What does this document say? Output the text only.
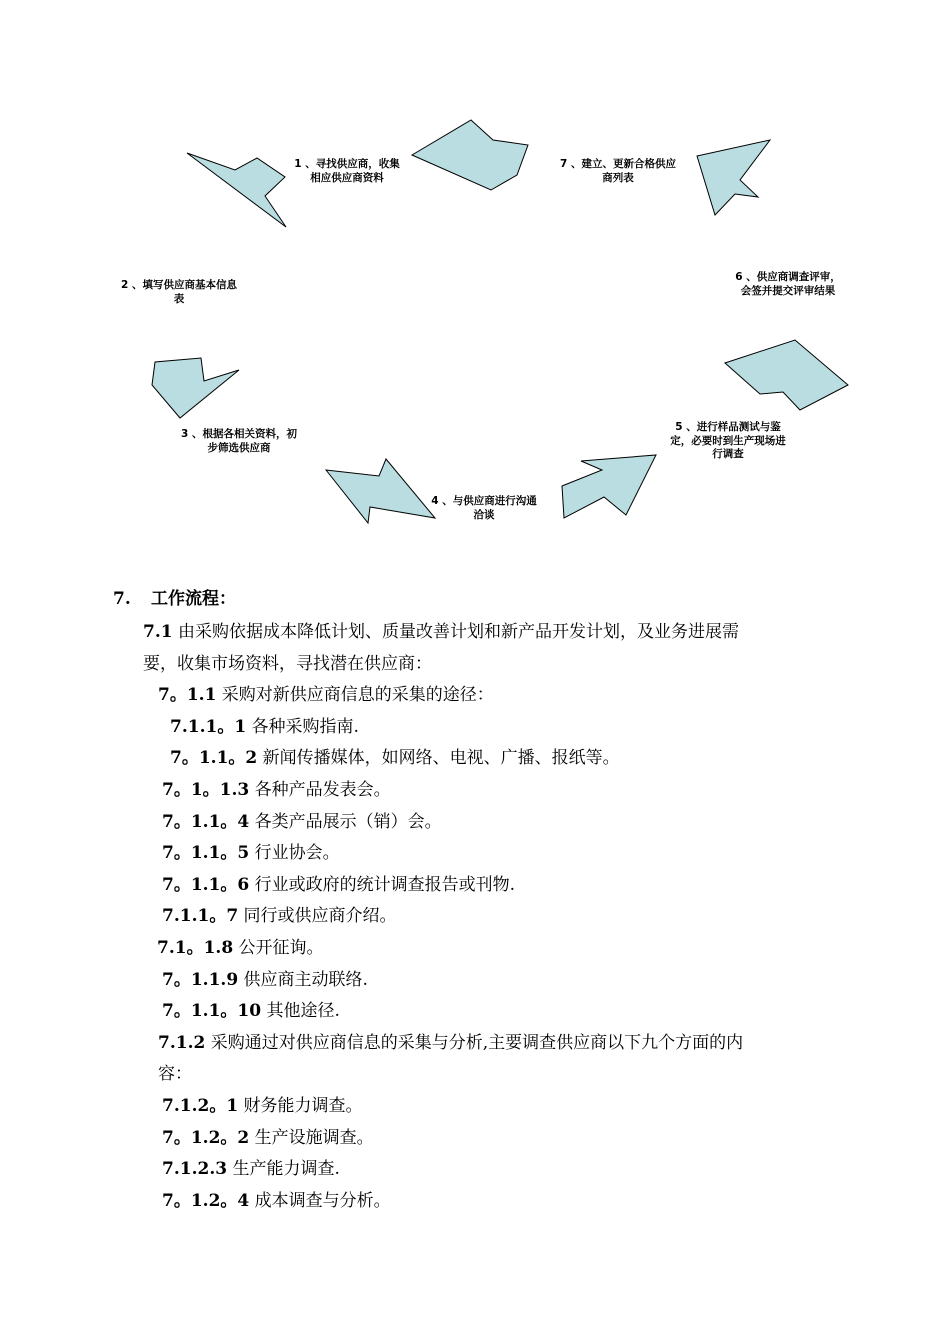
1 、寻找供应商，收集相应供应商资料
2 、填写供应商基本信息表
3 、根据各相关资料，初步筛选供应商
4 、与供应商进行沟通洽谈
5 、进行样品测试与鉴定，必要时到生产现场进行调查
6 、供应商调查评审，会签并提交评审结果
7 、建立、更新合格供应商列表
7. 工作流程：
7.1 由采购依据成本降低计划、质量改善计划和新产品开发计划，及业务进展需
要，收集市场资料，寻找潜在供应商：
7。1.1 采购对新供应商信息的采集的途径：
7.1.1。1 各种采购指南.
7。1.1。2 新闻传播媒体，如网络、电视、广播、报纸等。
7。1。1.3 各种产品发表会。
7。1.1。4 各类产品展示（销）会。
7。1.1。5 行业协会。
7。1.1。6 行业或政府的统计调查报告或刊物.
7.1.1。7 同行或供应商介绍。
7.1。1.8 公开征询。
7。1.1.9 供应商主动联络.
7。1.1。10 其他途径.
7.1.2 采购通过对供应商信息的采集与分析,主要调查供应商以下九个方面的内
容：
7.1.2。1 财务能力调查。
7。1.2。2 生产设施调查。
7.1.2.3 生产能力调查.
7。1.2。4 成本调查与分析。
